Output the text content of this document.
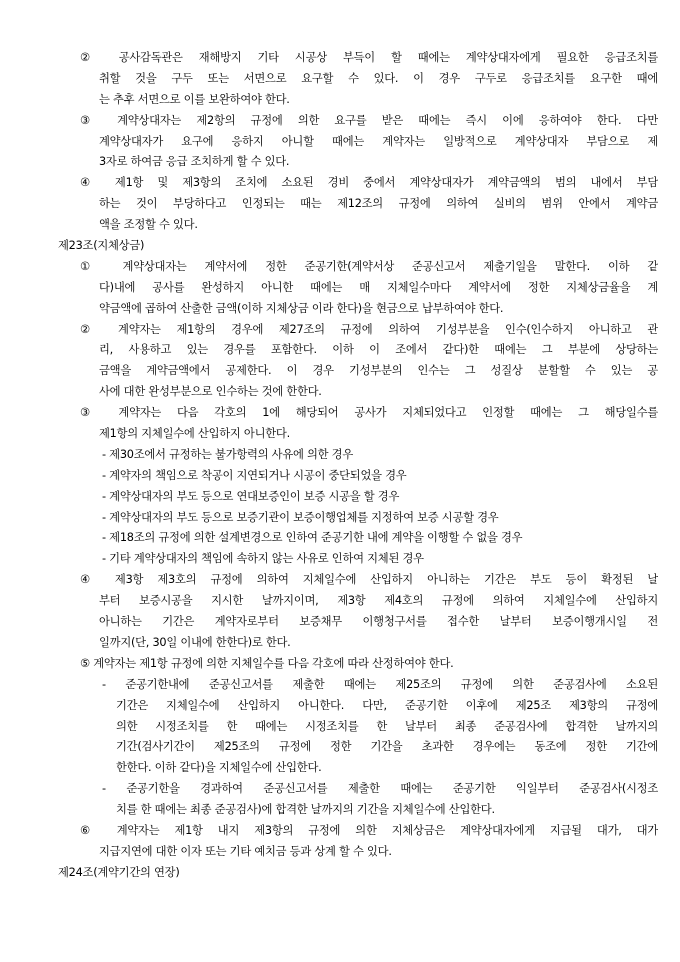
② 공사감독관은 재해방지 기타 시공상 부득이 할 때에는 계약상대자에게 필요한 응급조치를
취할 것을 구두 또는 서면으로 요구할 수 있다. 이 경우 구두로 응급조치를 요구한 때에
는 추후 서면으로 이를 보완하여야 한다.
③ 계약상대자는 제2항의 규정에 의한 요구를 받은 때에는 즉시 이에 응하여야 한다. 다만
계약상대자가 요구에 응하지 아니할 때에는 계약자는 일방적으로 계약상대자 부담으로 제
3자로 하여금 응급 조치하게 할 수 있다.
④ 제1항 및 제3항의 조치에 소요된 경비 중에서 계약상대자가 계약금액의 범의 내에서 부담
하는 것이 부당하다고 인정되는 때는 제12조의 규정에 의하여 실비의 범위 안에서 계약금
액을 조정할 수 있다.
제23조(지체상금)
① 계약상대자는 계약서에 정한 준공기한(계약서상 준공신고서 제출기일을 말한다. 이하 같
다)내에 공사를 완성하지 아니한 때에는 매 지체일수마다 계약서에 정한 지체상금율을 계
약금액에 곱하여 산출한 금액(이하 지체상금 이라 한다)을 현금으로 납부하여야 한다.
② 계약자는 제1항의 경우에 제27조의 규정에 의하여 기성부분을 인수(인수하지 아니하고 관
리, 사용하고 있는 경우를 포함한다. 이하 이 조에서 같다)한 때에는 그 부분에 상당하는
금액을 계약금액에서 공제한다. 이 경우 기성부분의 인수는 그 성질상 분할할 수 있는 공
사에 대한 완성부분으로 인수하는 것에 한한다.
③ 계약자는 다음 각호의 1에 해당되어 공사가 지체되었다고 인정할 때에는 그 해당일수를
제1항의 지체일수에 산입하지 아니한다.
- 제30조에서 규정하는 불가항력의 사유에 의한 경우
- 계약자의 책임으로 착공이 지연되거나 시공이 중단되었을 경우
- 계약상대자의 부도 등으로 연대보증인이 보증 시공을 할 경우
- 계약상대자의 부도 등으로 보증기관이 보증이행업체를 지정하여 보증 시공할 경우
- 제18조의 규정에 의한 설계변경으로 인하여 준공기한 내에 계약을 이행할 수 없을 경우
- 기타 계약상대자의 책임에 속하지 않는 사유로 인하여 지체된 경우
④ 제3항 제3호의 규정에 의하여 지체일수에 산입하지 아니하는 기간은 부도 등이 확정된 날
부터 보증시공을 지시한 날까지이며, 제3항 제4호의 규정에 의하여 지체일수에 산입하지
아니하는 기간은 계약자로부터 보증채무 이행청구서를 접수한 날부터 보증이행개시일 전
일까지(단, 30일 이내에 한한다)로 한다.
⑤ 계약자는 제1항 규정에 의한 지체일수를 다음 각호에 따라 산정하여야 한다.
- 준공기한내에 준공신고서를 제출한 때에는 제25조의 규정에 의한 준공검사에 소요된
기간은 지체일수에 산입하지 아니한다. 다만, 준공기한 이후에 제25조 제3항의 규정에
의한 시정조치를 한 때에는 시정조치를 한 날부터 최종 준공검사에 합격한 날까지의
기간(검사기간이 제25조의 규정에 정한 기간을 초과한 경우에는 동조에 정한 기간에
한한다. 이하 같다)을 지체일수에 산입한다.
- 준공기한을 경과하여 준공신고서를 제출한 때에는 준공기한 익일부터 준공검사(시정조
치를 한 때에는 최종 준공검사)에 합격한 날까지의 기간을 지체일수에 산입한다.
⑥ 계약자는 제1항 내지 제3항의 규정에 의한 지체상금은 계약상대자에게 지급될 대가, 대가
지급지연에 대한 이자 또는 기타 예치금 등과 상계 할 수 있다.
제24조(계약기간의 연장)
